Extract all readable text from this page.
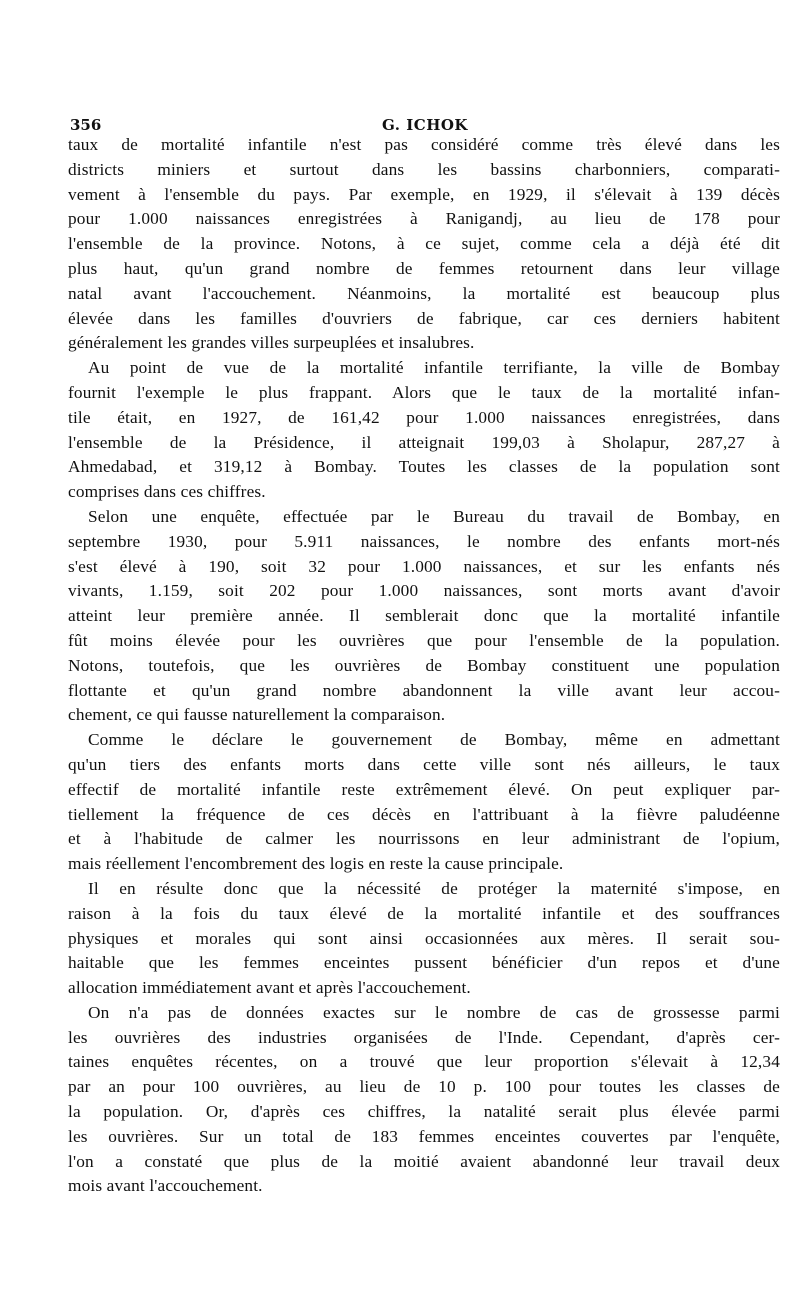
356	G. ICHOK
taux de mortalité infantile n'est pas considéré comme très élevé dans les
districts miniers et surtout dans les bassins charbonniers, comparati-
vement à l'ensemble du pays. Par exemple, en 1929, il s'élevait à 139 décès
pour 1.000 naissances enregistrées à Ranigandj, au lieu de 178 pour
l'ensemble de la province. Notons, à ce sujet, comme cela a déjà été dit
plus haut, qu'un grand nombre de femmes retournent dans leur village
natal avant l'accouchement. Néanmoins, la mortalité est beaucoup plus
élevée dans les familles d'ouvriers de fabrique, car ces derniers habitent
généralement les grandes villes surpeuplées et insalubres.
Au point de vue de la mortalité infantile terrifiante, la ville de Bombay
fournit l'exemple le plus frappant. Alors que le taux de la mortalité infan-
tile était, en 1927, de 161,42 pour 1.000 naissances enregistrées, dans
l'ensemble de la Présidence, il atteignait 199,03 à Sholapur, 287,27 à
Ahmedabad, et 319,12 à Bombay. Toutes les classes de la population sont
comprises dans ces chiffres.
Selon une enquête, effectuée par le Bureau du travail de Bombay, en
septembre 1930, pour 5.911 naissances, le nombre des enfants mort-nés
s'est élevé à 190, soit 32 pour 1.000 naissances, et sur les enfants nés
vivants, 1.159, soit 202 pour 1.000 naissances, sont morts avant d'avoir
atteint leur première année. Il semblerait donc que la mortalité infantile
fût moins élevée pour les ouvrières que pour l'ensemble de la population.
Notons, toutefois, que les ouvrières de Bombay constituent une population
flottante et qu'un grand nombre abandonnent la ville avant leur accou-
chement, ce qui fausse naturellement la comparaison.
Comme le déclare le gouvernement de Bombay, même en admettant
qu'un tiers des enfants morts dans cette ville sont nés ailleurs, le taux
effectif de mortalité infantile reste extrêmement élevé. On peut expliquer par-
tiellement la fréquence de ces décès en l'attribuant à la fièvre paludéenne
et à l'habitude de calmer les nourrissons en leur administrant de l'opium,
mais réellement l'encombrement des logis en reste la cause principale.
Il en résulte donc que la nécessité de protéger la maternité s'impose, en
raison à la fois du taux élevé de la mortalité infantile et des souffrances
physiques et morales qui sont ainsi occasionnées aux mères. Il serait sou-
haitable que les femmes enceintes pussent bénéficier d'un repos et d'une
allocation immédiatement avant et après l'accouchement.
On n'a pas de données exactes sur le nombre de cas de grossesse parmi
les ouvrières des industries organisées de l'Inde. Cependant, d'après cer-
taines enquêtes récentes, on a trouvé que leur proportion s'élevait à 12,34
par an pour 100 ouvrières, au lieu de 10 p. 100 pour toutes les classes de
la population. Or, d'après ces chiffres, la natalité serait plus élevée parmi
les ouvrières. Sur un total de 183 femmes enceintes couvertes par l'enquête,
l'on a constaté que plus de la moitié avaient abandonné leur travail deux
mois avant l'accouchement.
